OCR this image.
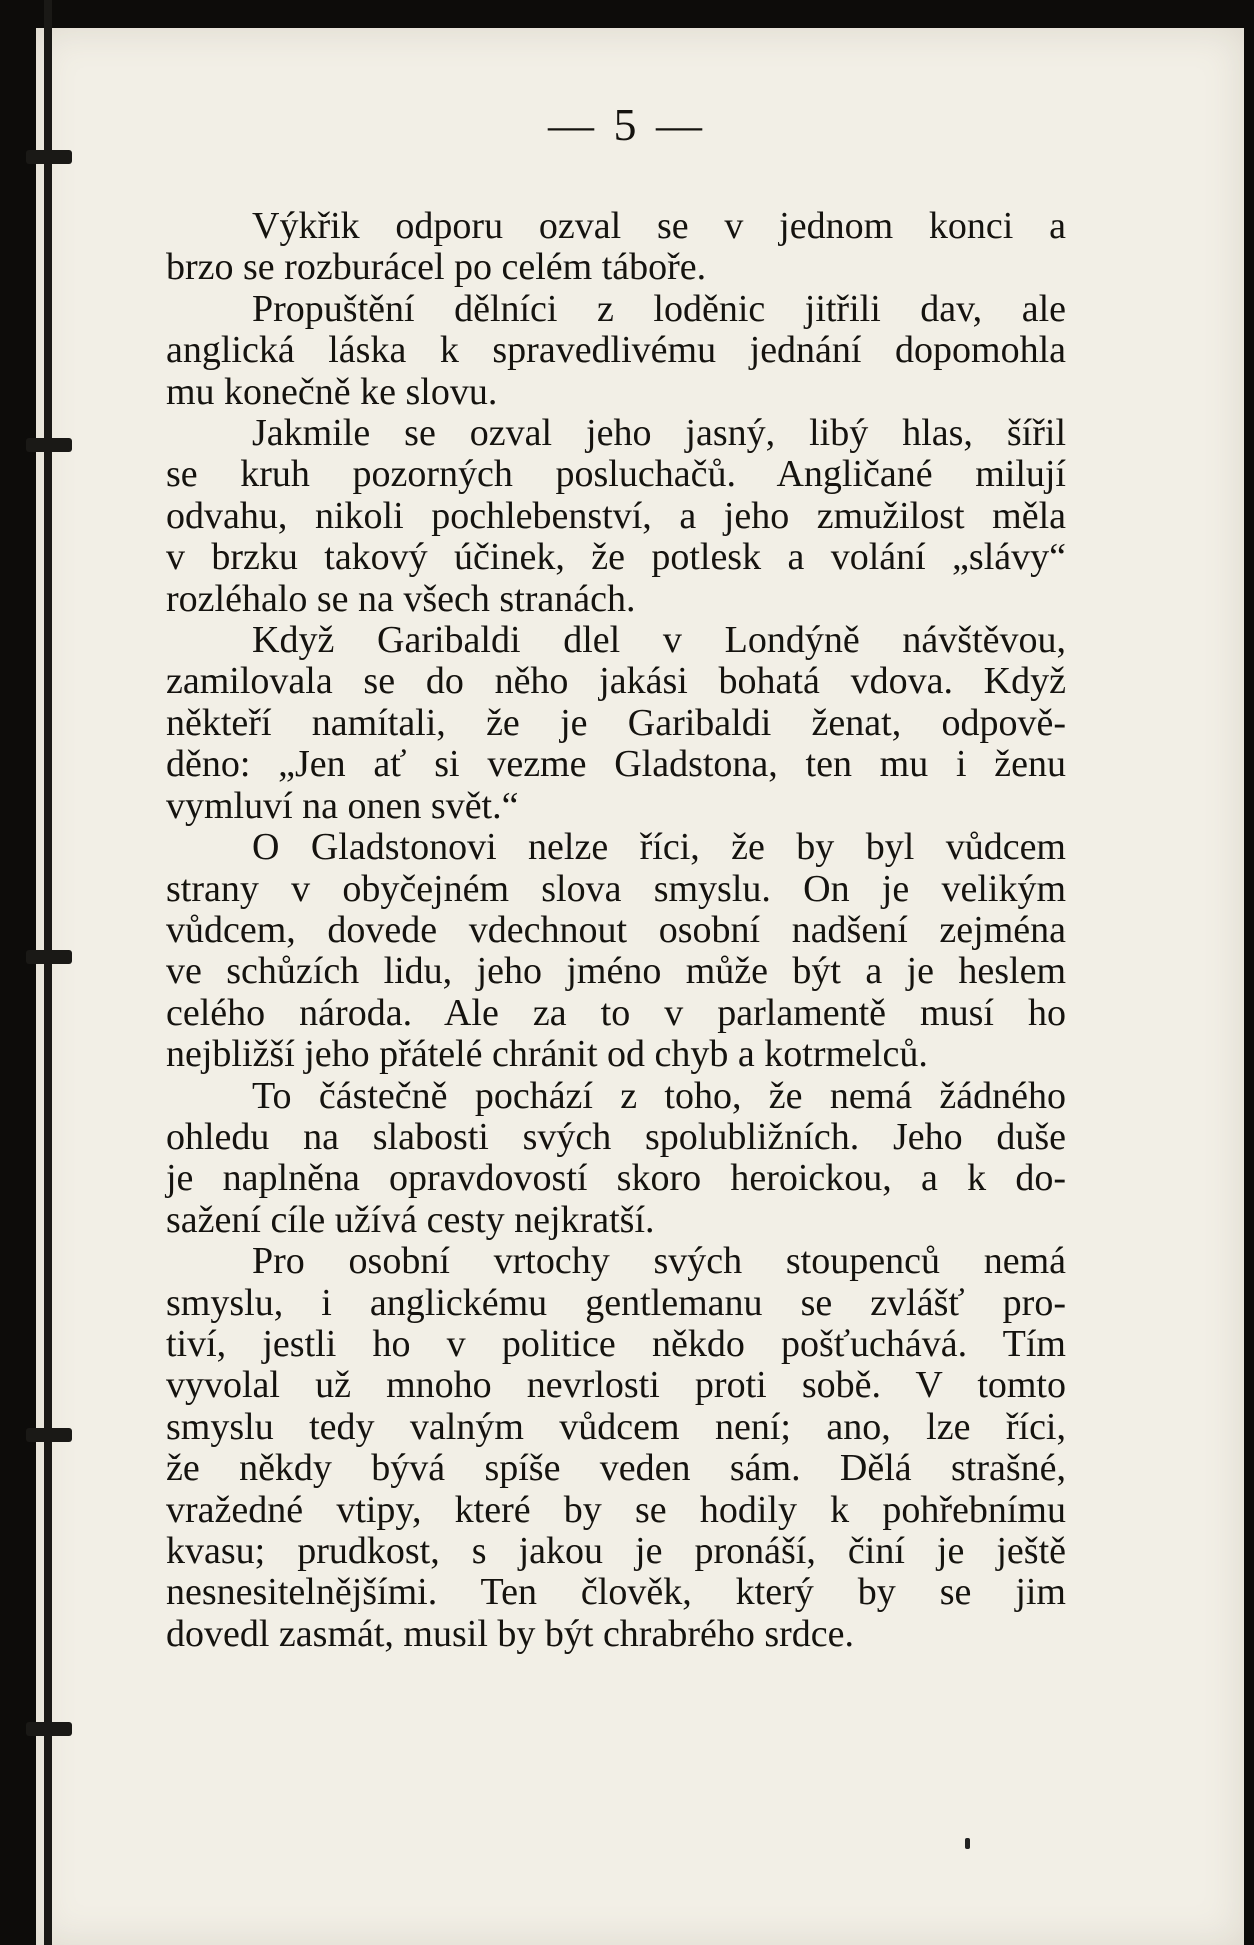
— 5 —
Výkřik odporu ozval se v jednom konci a
brzo se rozburácel po celém táboře.
Propuštění dělníci z loděnic jitřili dav, ale
anglická láska k spravedlivému jednání dopomohla
mu konečně ke slovu.
Jakmile se ozval jeho jasný, libý hlas, šířil
se kruh pozorných posluchačů. Angličané milují
odvahu, nikoli pochlebenství, a jeho zmužilost měla
v brzku takový účinek, že potlesk a volání „slávy“
rozléhalo se na všech stranách.
Když Garibaldi dlel v Londýně návštěvou,
zamilovala se do něho jakási bohatá vdova. Když
někteří namítali, že je Garibaldi ženat, odpově-
děno: „Jen ať si vezme Gladstona, ten mu i ženu
vymluví na onen svět.“
O Gladstonovi nelze říci, že by byl vůdcem
strany v obyčejném slova smyslu. On je velikým
vůdcem, dovede vdechnout osobní nadšení zejména
ve schůzích lidu, jeho jméno může být a je heslem
celého národa. Ale za to v parlamentě musí ho
nejbližší jeho přátelé chránit od chyb a kotrmelců.
To částečně pochází z toho, že nemá žádného
ohledu na slabosti svých spolubližních. Jeho duše
je naplněna opravdovostí skoro heroickou, a k do-
sažení cíle užívá cesty nejkratší.
Pro osobní vrtochy svých stoupenců nemá
smyslu, i anglickému gentlemanu se zvlášť pro-
tiví, jestli ho v politice někdo pošťuchává. Tím
vyvolal už mnoho nevrlosti proti sobě. V tomto
smyslu tedy valným vůdcem není; ano, lze říci,
že někdy bývá spíše veden sám. Dělá strašné,
vražedné vtipy, které by se hodily k pohřebnímu
kvasu; prudkost, s jakou je pronáší, činí je ještě
nesnesitelnějšími. Ten člověk, který by se jim
dovedl zasmát, musil by být chrabrého srdce.
